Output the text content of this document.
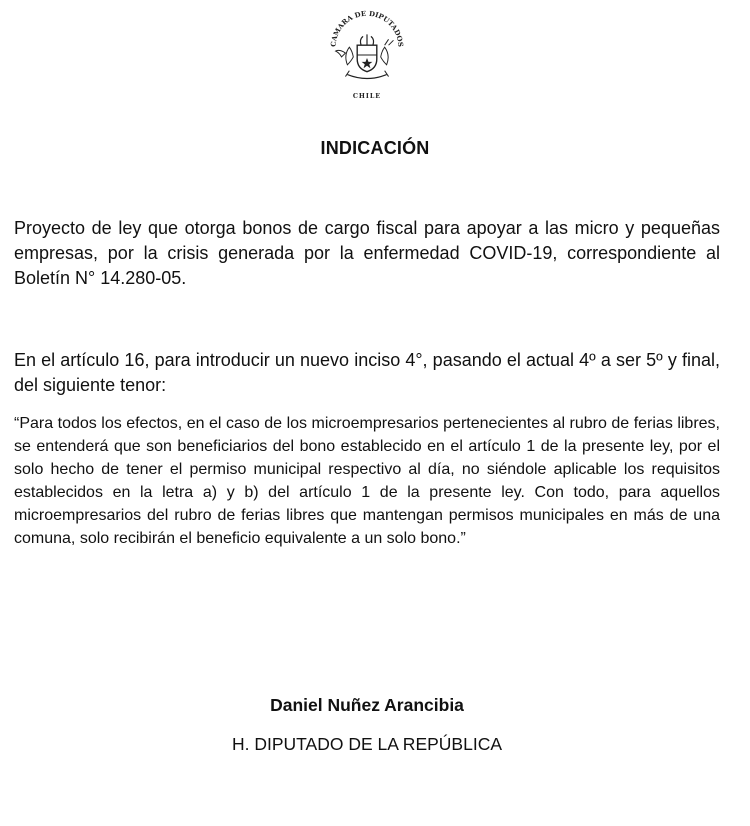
CAMARA DE DIPUTADOS
CHILE
INDICACIÓN

Proyecto de ley que otorga bonos de cargo fiscal para apoyar a las micro y pequeñas empresas, por la crisis generada por la enfermedad COVID-19, correspondiente al Boletín N° 14.280-05.

En el artículo 16, para introducir un nuevo inciso 4°, pasando el actual 4º a ser 5º y final, del siguiente tenor:

“Para todos los efectos, en el caso de los microempresarios pertenecientes al rubro de ferias libres, se entenderá que son beneficiarios del bono establecido en el artículo 1 de la presente ley, por el solo hecho de tener el permiso municipal respectivo al día, no siéndole aplicable los requisitos establecidos en la letra a) y b) del artículo 1 de la presente ley. Con todo, para aquellos microempresarios del rubro de ferias libres que mantengan permisos municipales en más de una comuna, solo recibirán el beneficio equivalente a un solo bono.”

Daniel Nuñez Arancibia
H. DIPUTADO DE LA REPÚBLICA
